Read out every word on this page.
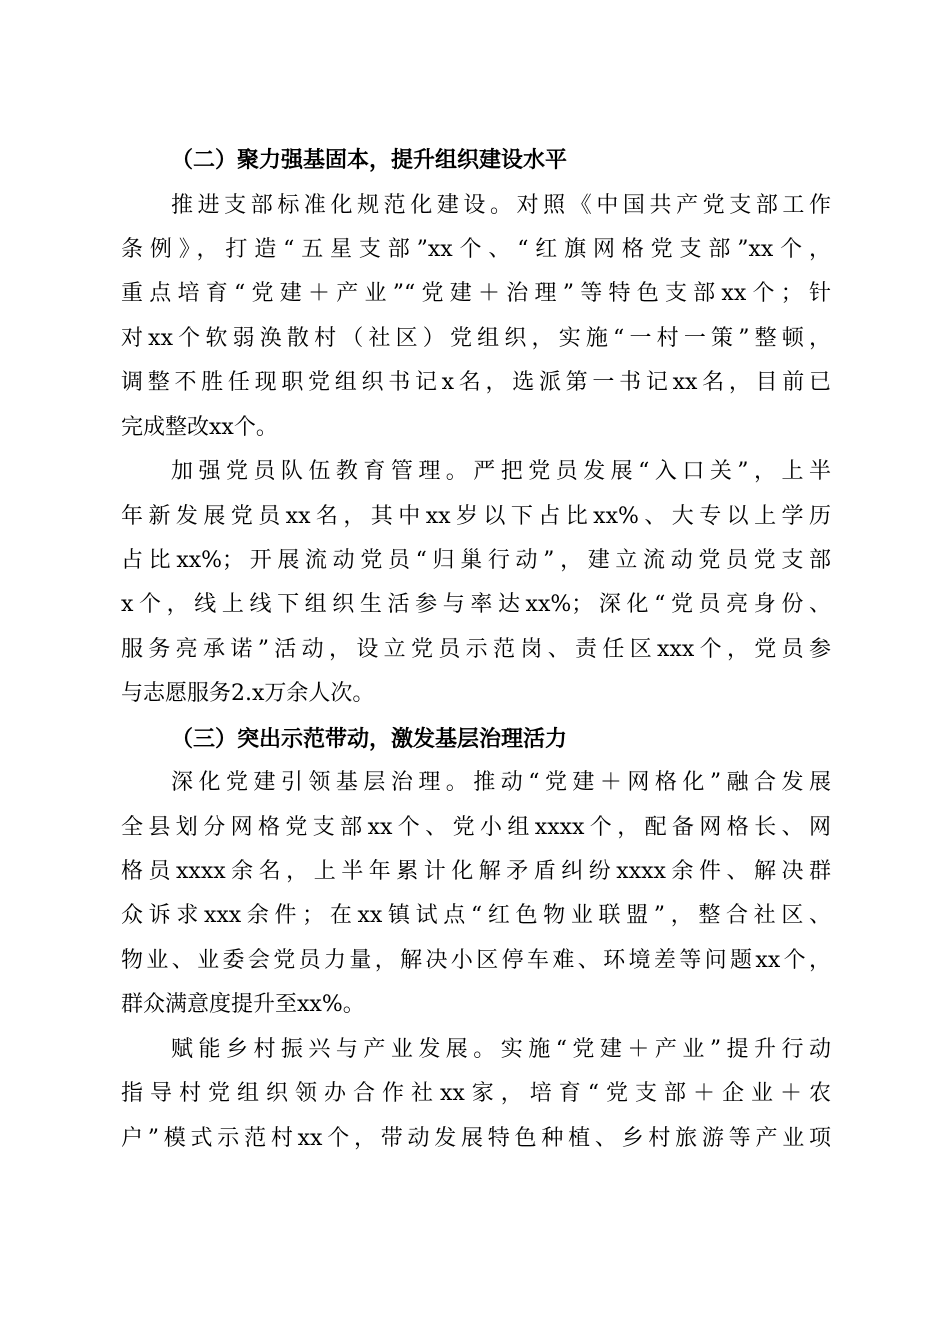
（二）聚力强基固本，提升组织建设水平
推进支部标准化规范化建设。对照《中国共产党支部工作
条例》，打造“五星支部”xx个、“红旗网格党支部”xx个，
重点培育“党建＋产业”“党建＋治理”等特色支部xx个；针
对xx个软弱涣散村（社区）党组织，实施“一村一策”整顿，
调整不胜任现职党组织书记x名，选派第一书记xx名，目前已
完成整改xx个。
加强党员队伍教育管理。严把党员发展“入口关”，上半
年新发展党员xx名，其中xx岁以下占比xx%、大专以上学历
占比xx%；开展流动党员“归巢行动”，建立流动党员党支部
x个，线上线下组织生活参与率达xx%；深化“党员亮身份、
服务亮承诺”活动，设立党员示范岗、责任区xxx个，党员参
与志愿服务2.x万余人次。
（三）突出示范带动，激发基层治理活力
深化党建引领基层治理。推动“党建＋网格化”融合发展
全县划分网格党支部xx个、党小组xxxx个，配备网格长、网
格员xxxx余名，上半年累计化解矛盾纠纷xxxx余件、解决群
众诉求xxx余件；在xx镇试点“红色物业联盟”，整合社区、
物业、业委会党员力量，解决小区停车难、环境差等问题xx个，
群众满意度提升至xx%。
赋能乡村振兴与产业发展。实施“党建＋产业”提升行动
指导村党组织领办合作社xx家，培育“党支部＋企业＋农
户”模式示范村xx个，带动发展特色种植、乡村旅游等产业项
